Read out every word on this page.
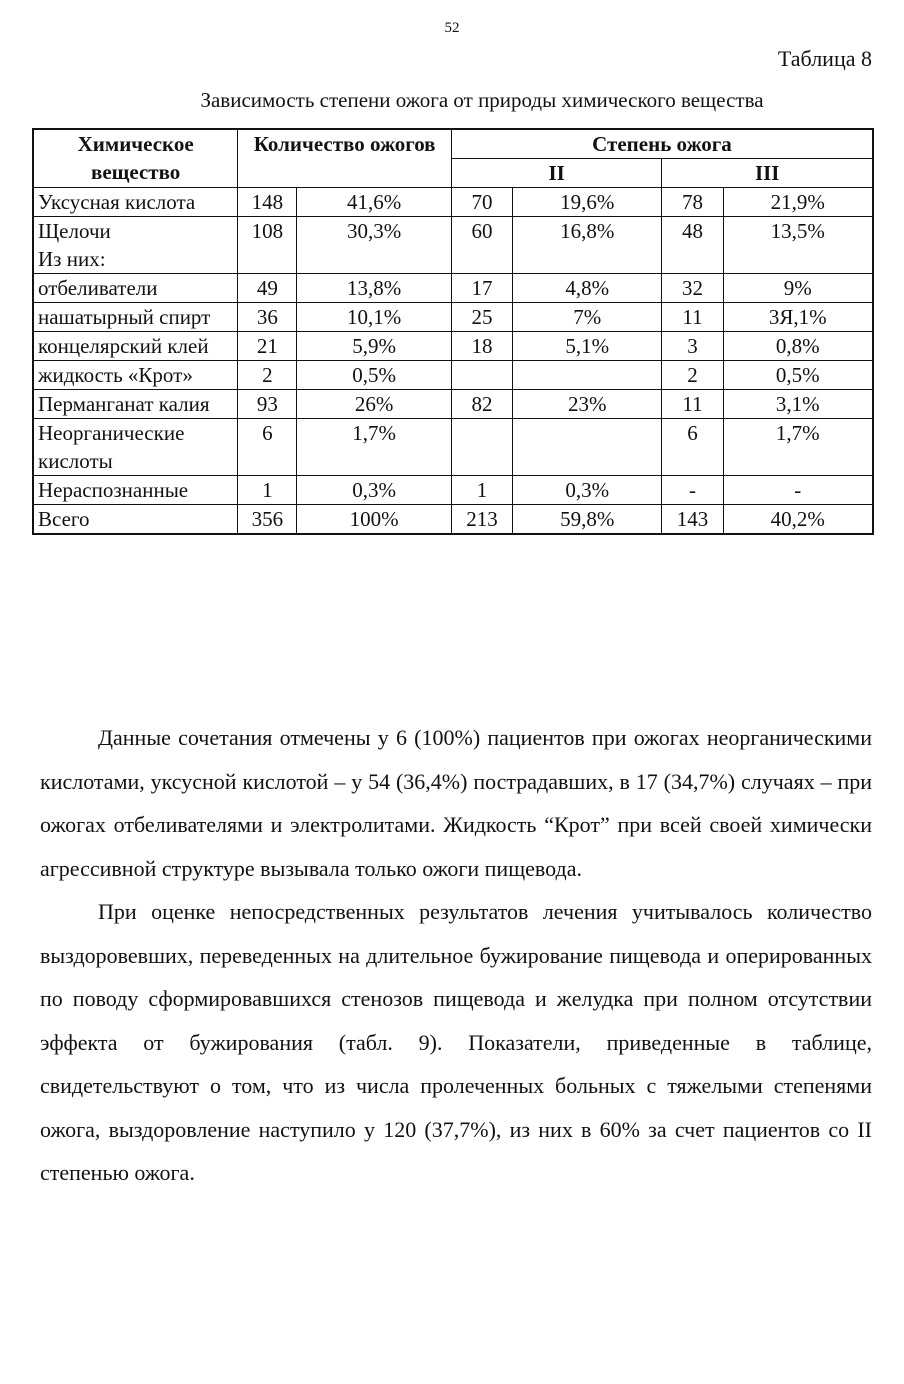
52
Таблица 8
Зависимость степени ожога от природы химического вещества
Химическое вещество	Количество ожогов		Степень ожога			
			II		III	
Уксусная кислота	148	41,6%	70	19,6%	78	21,9%
Щелочи	108	30,3%	60	16,8%	48	13,5%
Из них:						
отбеливатели	49	13,8%	17	4,8%	32	9%
нашатырный спирт	36	10,1%	25	7%	11	3Я,1%
концелярский клей	21	5,9%	18	5,1%	3	0,8%
жидкость «Крот»	2	0,5%			2	0,5%
Перманганат калия	93	26%	82	23%	11	3,1%
Неорганические кислоты	6	1,7%			6	1,7%
Нераспознанные	1	0,3%	1	0,3%	-	-
Всего	356	100%	213	59,8%	143	40,2%

Данные сочетания отмечены у 6 (100%) пациентов при ожогах неорганическими кислотами, уксусной кислотой – у 54 (36,4%) пострадавших, в 17 (34,7%) случаях – при ожогах отбеливателями и электролитами. Жидкость “Крот” при всей своей химически агрессивной структуре вызывала только ожоги пищевода.

При оценке непосредственных результатов лечения учитывалось количество выздоровевших, переведенных на длительное бужирование пищевода и оперированных по поводу сформировавшихся стенозов пищевода и желудка при полном отсутствии эффекта от бужирования (табл. 9). Показатели, приведенные в таблице, свидетельствуют о том, что из числа пролеченных больных с тяжелыми степенями ожога, выздоровление наступило у 120 (37,7%), из них в 60% за счет пациентов со II степенью ожога.
